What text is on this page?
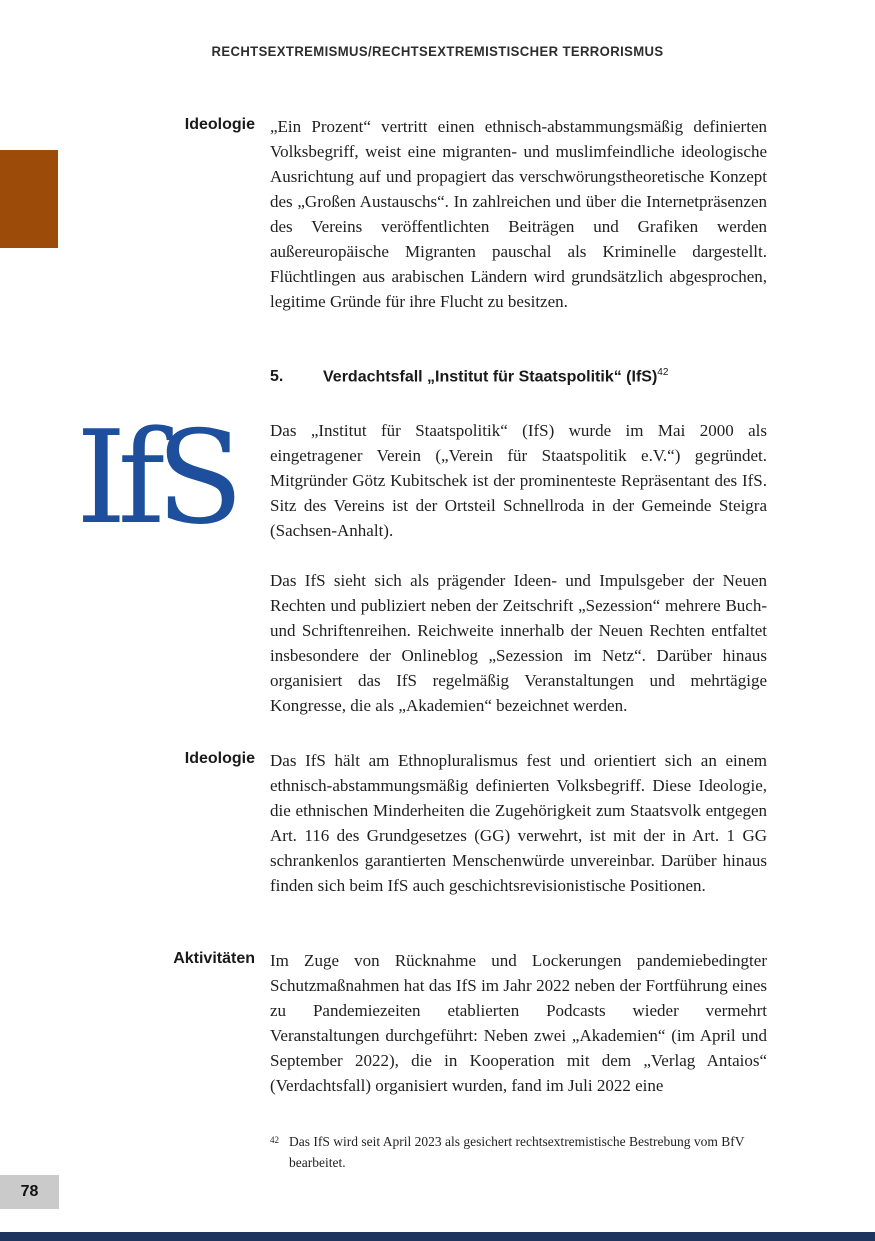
RECHTSEXTREMISMUS/RECHTSEXTREMISTISCHER TERRORISMUS
Ideologie „Ein Prozent“ vertritt einen ethnisch-abstammungsmäßig definierten Volksbegriff, weist eine migranten- und muslimfeindliche ideologische Ausrichtung auf und propagiert das verschwörungstheoretische Konzept des „Großen Austauschs“. In zahlreichen und über die Internetpräsenzen des Vereins veröffentlichten Beiträgen und Grafiken werden außereuropäische Migranten pauschal als Kriminelle dargestellt. Flüchtlingen aus arabischen Ländern wird grundsätzlich abgesprochen, legitime Gründe für ihre Flucht zu besitzen.
5. Verdachtsfall „Institut für Staatspolitik“ (IfS)$^{42}$
IfS	Das „Institut für Staatspolitik“ (IfS) wurde im Mai 2000 als eingetragener Verein („Verein für Staatspolitik e.V.“) gegründet. Mitgründer Götz Kubitschek ist der prominenteste Repräsentant des IfS. Sitz des Vereins ist der Ortsteil Schnellroda in der Gemeinde Steigra (Sachsen-Anhalt).
Das IfS sieht sich als prägender Ideen- und Impulsgeber der Neuen Rechten und publiziert neben der Zeitschrift „Sezession“ mehrere Buch- und Schriftenreihen. Reichweite innerhalb der Neuen Rechten entfaltet insbesondere der Onlineblog „Sezession im Netz“. Darüber hinaus organisiert das IfS regelmäßig Veranstaltungen und mehrtägige Kongresse, die als „Akademien“ bezeichnet werden.
Ideologie Das IfS hält am Ethnopluralismus fest und orientiert sich an einem ethnisch-abstammungsmäßig definierten Volksbegriff. Diese Ideologie, die ethnischen Minderheiten die Zugehörigkeit zum Staatsvolk entgegen Art. 116 des Grundgesetzes (GG) verwehrt, ist mit der in Art. 1 GG schrankenlos garantierten Menschenwürde unvereinbar. Darüber hinaus finden sich beim IfS auch geschichtsrevisionistische Positionen.
Aktivitäten Im Zuge von Rücknahme und Lockerungen pandemiebedingter Schutzmaßnahmen hat das IfS im Jahr 2022 neben der Fortführung eines zu Pandemiezeiten etablierten Podcasts wieder vermehrt Veranstaltungen durchgeführt: Neben zwei „Akademien“ (im April und September 2022), die in Kooperation mit dem „Verlag Antaios“ (Verdachtsfall) organisiert wurden, fand im Juli 2022 eine
42 Das IfS wird seit April 2023 als gesichert rechtsextremistische Bestrebung vom BfV bearbeitet.
78
